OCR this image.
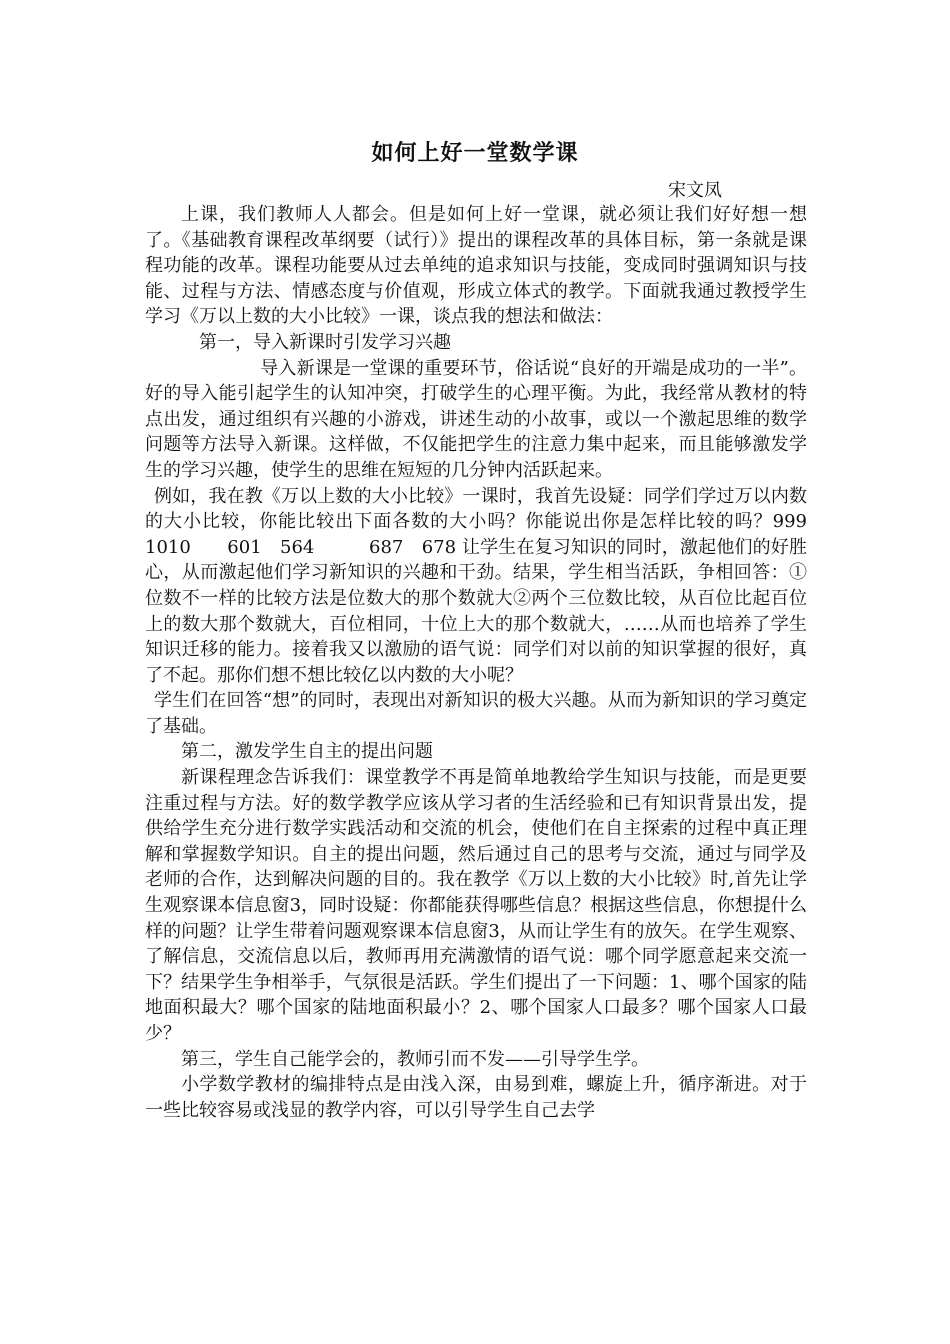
如何上好一堂数学课
宋文凤

上课，我们教师人人都会。但是如何上好一堂课，就必须让我们好好想一想了。《基础教育课程改革纲要（试行）》提出的课程改革的具体目标，第一条就是课程功能的改革。课程功能要从过去单纯的追求知识与技能，变成同时强调知识与技能、过程与方法、情感态度与价值观，形成立体式的教学。下面就我通过教授学生学习《万以上数的大小比较》一课，谈点我的想法和做法：

第一，导入新课时引发学习兴趣

导入新课是一堂课的重要环节，俗话说“良好的开端是成功的一半”。好的导入能引起学生的认知冲突，打破学生的心理平衡。为此，我经常从教材的特点出发，通过组织有兴趣的小游戏，讲述生动的小故事，或以一个激起思维的数学问题等方法导入新课。这样做，不仅能把学生的注意力集中起来，而且能够激发学生的学习兴趣，使学生的思维在短短的几分钟内活跃起来。

例如，我在教《万以上数的大小比较》一课时，我首先设疑：同学们学过万以内数的大小比较，你能比较出下面各数的大小吗？你能说出你是怎样比较的吗？999　1010　　601　564　　　687　678 让学生在复习知识的同时，激起他们的好胜心，从而激起他们学习新知识的兴趣和干劲。结果，学生相当活跃，争相回答：①位数不一样的比较方法是位数大的那个数就大②两个三位数比较，从百位比起百位上的数大那个数就大，百位相同，十位上大的那个数就大，……从而也培养了学生知识迁移的能力。接着我又以激励的语气说：同学们对以前的知识掌握的很好，真了不起。那你们想不想比较亿以内数的大小呢？

学生们在回答“想”的同时，表现出对新知识的极大兴趣。从而为新知识的学习奠定了基础。

第二，激发学生自主的提出问题

新课程理念告诉我们：课堂教学不再是简单地教给学生知识与技能，而是更要注重过程与方法。好的数学教学应该从学习者的生活经验和已有知识背景出发，提供给学生充分进行数学实践活动和交流的机会，使他们在自主探索的过程中真正理解和掌握数学知识。自主的提出问题，然后通过自己的思考与交流，通过与同学及老师的合作，达到解决问题的目的。我在教学《万以上数的大小比较》时,首先让学生观察课本信息窗3，同时设疑：你都能获得哪些信息？根据这些信息，你想提什么样的问题？让学生带着问题观察课本信息窗3，从而让学生有的放矢。在学生观察、了解信息，交流信息以后，教师再用充满激情的语气说：哪个同学愿意起来交流一下？结果学生争相举手，气氛很是活跃。学生们提出了一下问题：1、哪个国家的陆地面积最大？哪个国家的陆地面积最小？2、哪个国家人口最多？哪个国家人口最少？

第三，学生自己能学会的，教师引而不发——引导学生学。

小学数学教材的编排特点是由浅入深，由易到难，螺旋上升，循序渐进。对于一些比较容易或浅显的教学内容，可以引导学生自己去学
